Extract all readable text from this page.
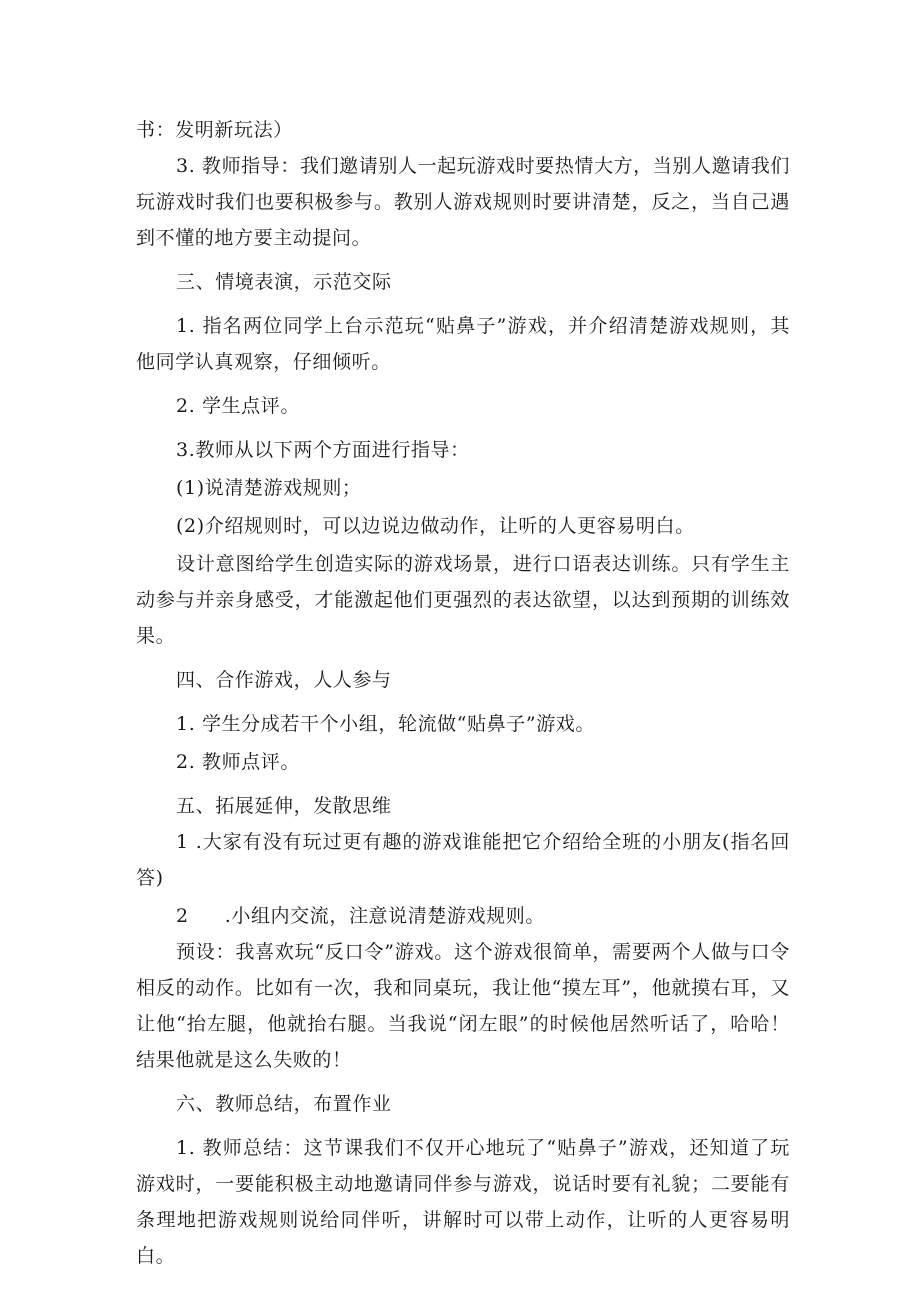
书：发明新玩法）

3. 教师指导：我们邀请别人一起玩游戏时要热情大方，当别人邀请我们玩游戏时我们也要积极参与。教别人游戏规则时要讲清楚，反之，当自己遇到不懂的地方要主动提问。

三、情境表演，示范交际

1. 指名两位同学上台示范玩“贴鼻子”游戏，并介绍清楚游戏规则，其他同学认真观察，仔细倾听。

2. 学生点评。

3.教师从以下两个方面进行指导：

(1)说清楚游戏规则；

(2)介绍规则时，可以边说边做动作，让听的人更容易明白。

设计意图给学生创造实际的游戏场景，进行口语表达训练。只有学生主动参与并亲身感受，才能激起他们更强烈的表达欲望，以达到预期的训练效果。

四、合作游戏，人人参与

1. 学生分成若干个小组，轮流做“贴鼻子”游戏。

2. 教师点评。

五、拓展延伸，发散思维

1 .大家有没有玩过更有趣的游戏谁能把它介绍给全班的小朋友(指名回答)

2 .小组内交流，注意说清楚游戏规则。

预设：我喜欢玩“反口令”游戏。这个游戏很简单，需要两个人做与口令相反的动作。比如有一次，我和同桌玩，我让他“摸左耳”，他就摸右耳，又让他“抬左腿，他就抬右腿。当我说“闭左眼”的时候他居然听话了，哈哈！结果他就是这么失败的！

六、教师总结，布置作业

1. 教师总结：这节课我们不仅开心地玩了“贴鼻子”游戏，还知道了玩游戏时，一要能积极主动地邀请同伴参与游戏，说话时要有礼貌；二要能有条理地把游戏规则说给同伴听，讲解时可以带上动作，让听的人更容易明白。
